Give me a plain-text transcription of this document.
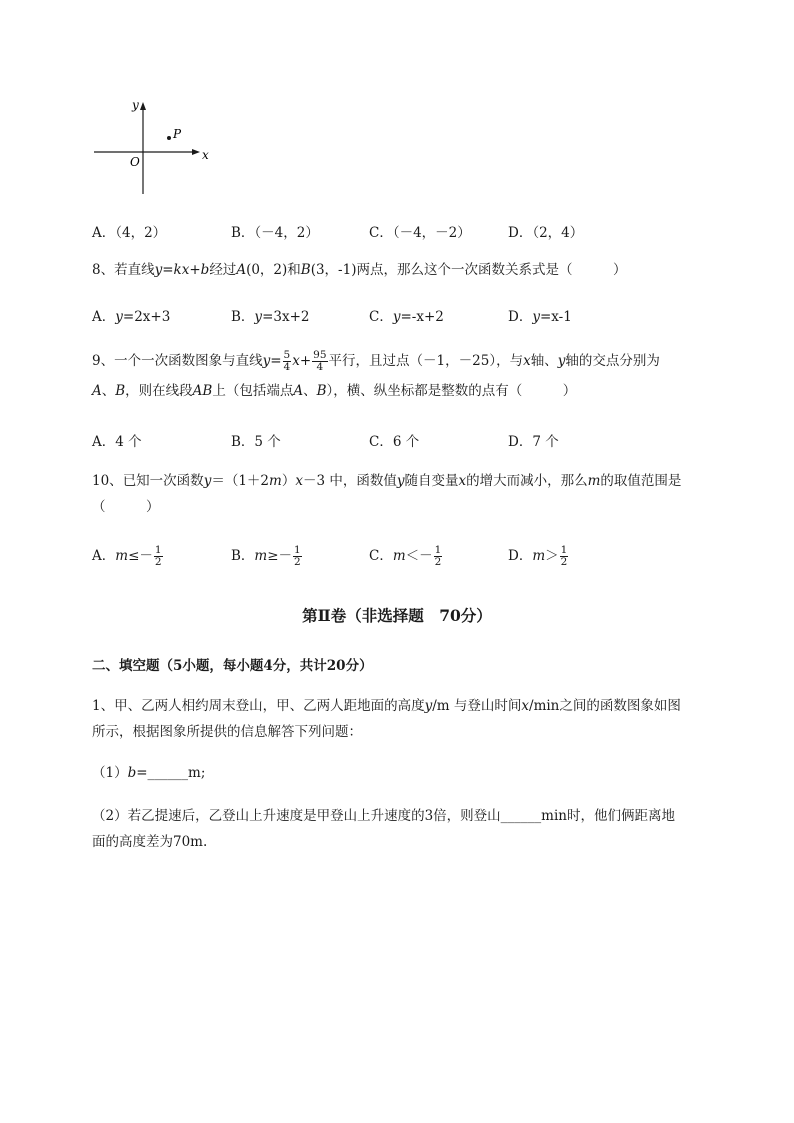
y
x
O
P
A．（4，2）	B．（－4，2）	C．（－4，－2）	D．（2，4）
8、若直线y=kx+b经过A(0，2)和B(3，-1)两点，那么这个一次函数关系式是（　　　）
A．y=2x+3	B．y=3x+2	C．y=-x+2	D．y=x-1
9、一个一次函数图象与直线$y= \frac{5}{4} x+ \frac{95}{4}$ 平行，且过点（－1，－25），与x轴、y轴的交点分别为
A、B，则在线段AB上（包括端点A、B），横、纵坐标都是整数的点有（　　　）
A．4 个	B．5 个	C．6 个	D．7 个
10、已知一次函数y＝（1＋2m）x－3 中，函数值y随自变量x的增大而减小，那么m的取值范围是
（　　　）
A．$m\le- \frac{1}{2}$	B．$m\ge- \frac{1}{2}$	C．$m<- \frac{1}{2}$	D．$m> \frac{1}{2}$
第Ⅱ卷（非选择题　70分）
二、填空题（5小题，每小题4分，共计20分）
1、甲、乙两人相约周末登山，甲、乙两人距地面的高度y/m 与登山时间x/min之间的函数图象如图
所示，根据图象所提供的信息解答下列问题：
（1）b=______m;
（2）若乙提速后，乙登山上升速度是甲登山上升速度的3倍，则登山______min时，他们俩距离地
面的高度差为70m.
